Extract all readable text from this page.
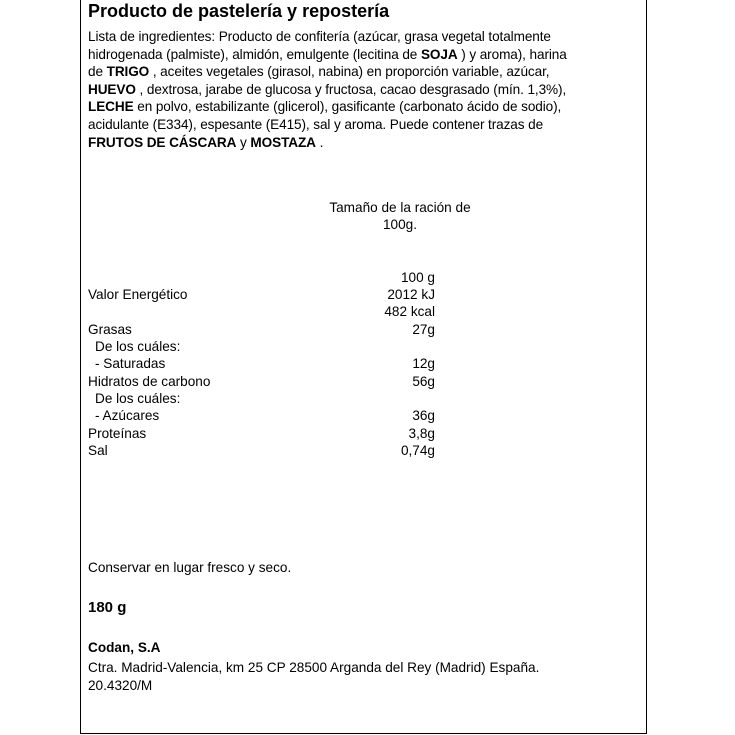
Producto de pastelería y repostería
Lista de ingredientes: Producto de confitería (azúcar, grasa vegetal totalmente
hidrogenada (palmiste), almidón, emulgente (lecitina de SOJA ) y aroma), harina
de TRIGO , aceites vegetales (girasol, nabina) en proporción variable, azúcar,
HUEVO , dextrosa, jarabe de glucosa y fructosa, cacao desgrasado (mín. 1,3%),
LECHE en polvo, estabilizante (glicerol), gasificante (carbonato ácido de sodio),
acidulante (E334), espesante (E415), sal y aroma. Puede contener trazas de
FRUTOS DE CÁSCARA y MOSTAZA .
Tamaño de la ración de
100g.
100 g
Valor Energético	2012 kJ
482 kcal
Grasas	27g
De los cuáles:
- Saturadas	12g
Hidratos de carbono	56g
De los cuáles:
- Azúcares	36g
Proteínas	3,8g
Sal	0,74g
Conservar en lugar fresco y seco.
180 g
Codan, S.A
Ctra. Madrid-Valencia, km 25 CP 28500 Arganda del Rey (Madrid) España.
20.4320/M
